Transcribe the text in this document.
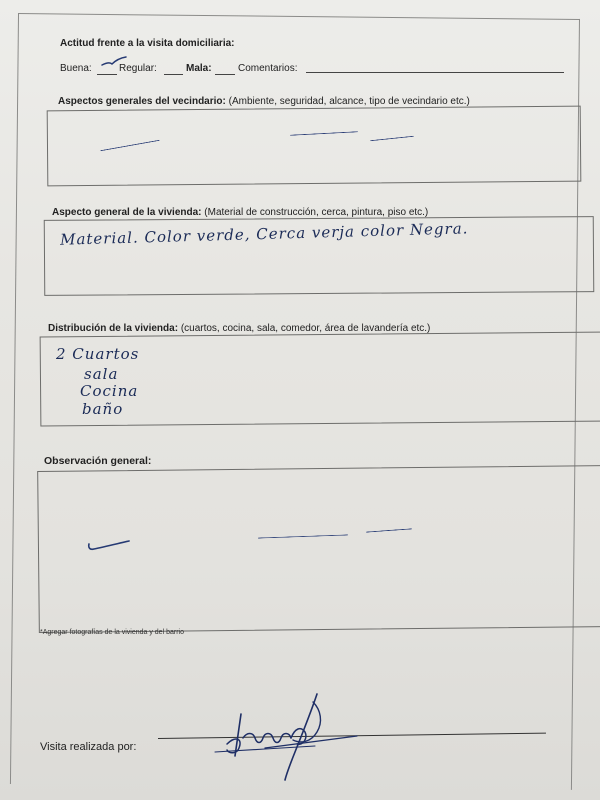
Actitud frente a la visita domiciliaria:
Buena:	Regular:	Mala:	Comentarios:
Aspectos generales del vecindario: (Ambiente, seguridad, alcance, tipo de vecindario etc.)
Aspecto general de la vivienda: (Material de construcción, cerca, pintura, piso etc.)
Material. Color verde, Cerca verja color Negra.
Distribución de la vivienda: (cuartos, cocina, sala, comedor, área de lavandería etc.)
2 Cuartos
sala
Cocina
baño
Observación general:
*Agregar fotografías de la vivienda y del barrio
Visita realizada por:
